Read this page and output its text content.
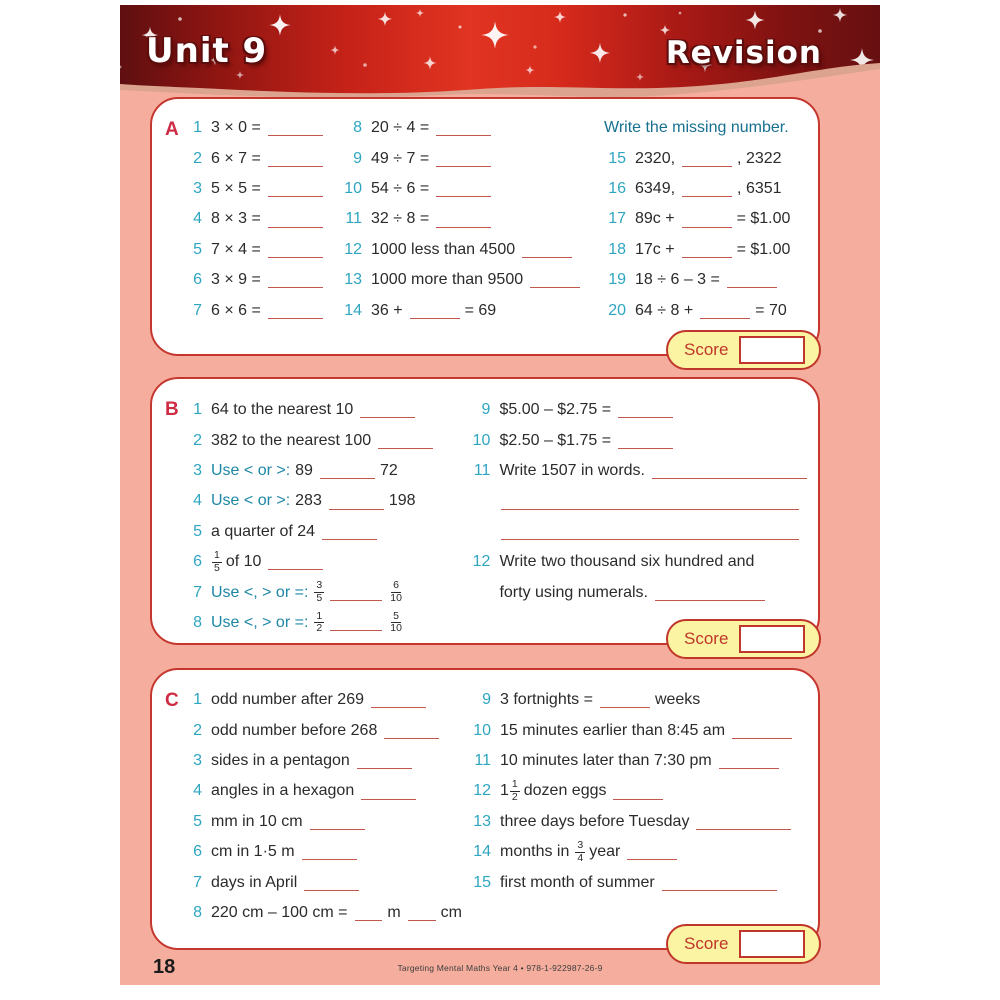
Unit 9	Revision
A 1 3 × 0 =
2 6 × 7 =
3 5 × 5 =
4 8 × 3 =
5 7 × 4 =
6 3 × 9 =
7 6 × 6 =
8 20 ÷ 4 =
9 49 ÷ 7 =
10 54 ÷ 6 =
11 32 ÷ 8 =
12 1000 less than 4500
13 1000 more than 9500
14 36 +	= 69
Write the missing number.
15 2320,	, 2322
16 6349,	, 6351
17 89c +	= $1.00
18 17c +	= $1.00
19 18 ÷ 6 – 3 =
20 64 ÷ 8 +	= 70
Score
B 1 64 to the nearest 10
2 382 to the nearest 100
3 Use < or >: 89	72
4 Use < or >: 283	198
5 a quarter of 24
$6 \frac{1}{5}$ of 10
7 Use <, > or =: $\frac{3}{5}$	$\frac{6}{10}$
8 Use <, > or =: $\frac{1}{2}$	$\frac{5}{10}$
9 $5.00 – $2.75 =
10 $2.50 – $1.75 =
11 Write 1507 in words.
12 Write two thousand six hundred and
forty using numerals.
Score
C 1 odd number after 269
2 odd number before 268
3 sides in a pentagon
4 angles in a hexagon
5 mm in 10 cm
6 cm in 1·5 m
7 days in April
8 220 cm – 100 cm = m cm
9 3 fortnights =	weeks
10 15 minutes earlier than 8:45 am
11 10 minutes later than 7:30 pm
12 $1 \frac{1}{2}$ dozen eggs
13 three days before Tuesday
14 months in $\frac{3}{4}$ year
15 first month of summer
Score
18	Targeting Mental Maths Year 4 • 978-1-922987-26-9
